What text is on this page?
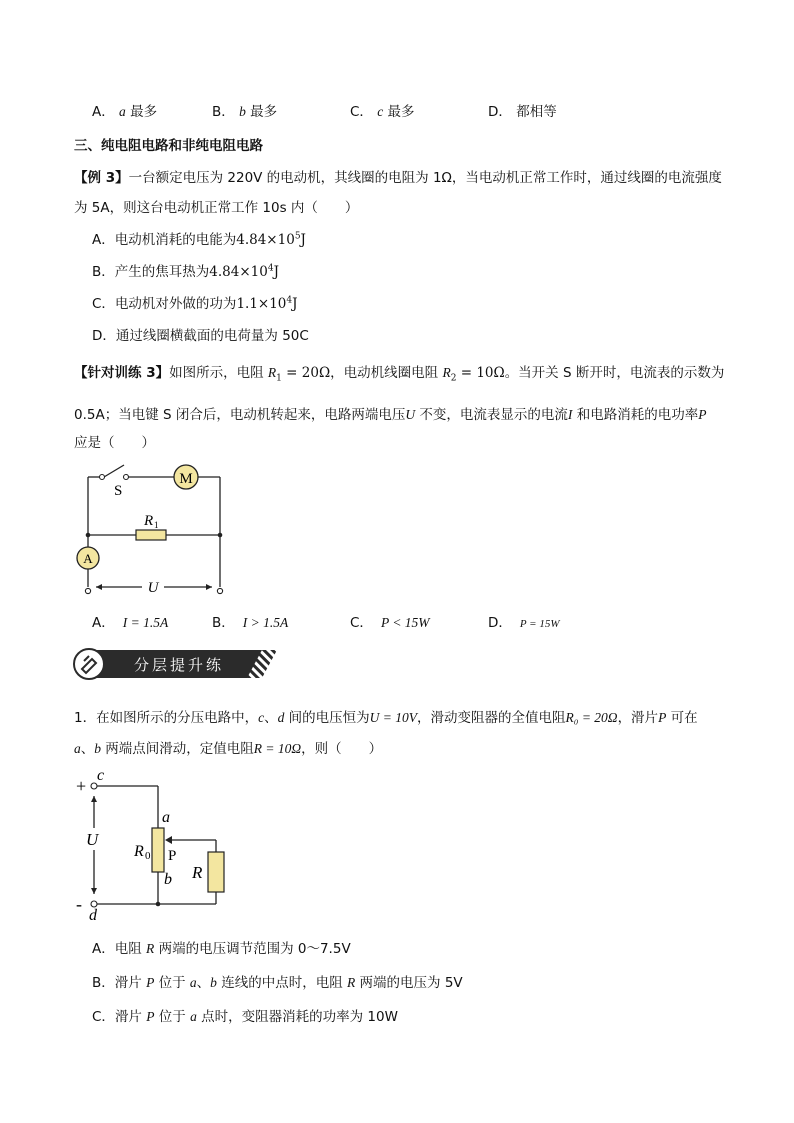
A． a 最多	B． b 最多	C． c 最多	D． 都相等
三、纯电阻电路和非纯电阻电路
【例 3】一台额定电压为 220V 的电动机，其线圈的电阻为 1Ω，当电动机正常工作时，通过线圈的电流强度
为 5A，则这台电动机正常工作 10s 内（　　）
A．电动机消耗的电能为$4.84\times 10^5J$
B．产生的焦耳热为$4.84\times 10^4J$
C．电动机对外做的功为$1.1\times 10^4J$
D．通过线圈横截面的电荷量为 50C
【针对训练 3】如图所示，电阻 $R_1 = 20\Omega$，电动机线圈电阻 $R_2 = 10\Omega$。当开关 S 断开时，电流表的示数为
0.5A；当电键 S 闭合后，电动机转起来，电路两端电压U 不变，电流表显示的电流I 和电路消耗的电功率P
应是（　　）
M
R 1
S
A
U
A． I = 1.5A	B． I > 1.5A	C． P < 15W	D． P = 15W
分层提升练
1．在如图所示的分压电路中，c、d 间的电压恒为U = 10V，滑动变阻器的全值电阻R₀ = 20Ω，滑片P 可在
a、b 两端点间滑动，定值电阻R = 10Ω，则（　　）
+
-
c
d
U
a
b
R 0 P
R
A．电阻 R 两端的电压调节范围为 0～7.5V
B．滑片 P 位于 a、b 连线的中点时，电阻 R 两端的电压为 5V
C．滑片 P 位于 a 点时，变阻器消耗的功率为 10W
